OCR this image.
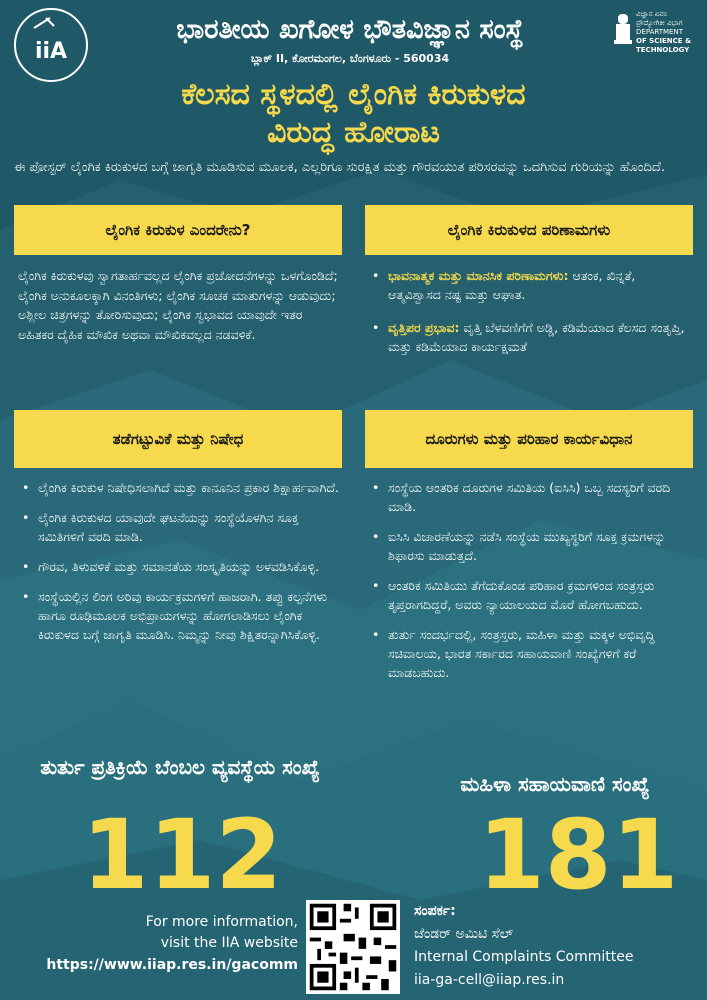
iiA
ಭಾರತೀಯ ಖಗೋಳ ಭೌತವಿಜ್ಞಾನ ಸಂಸ್ಥೆ
ಬ್ಲಾಕ್ II, ಕೋರಮಂಗಲ, ಬೆಂಗಳೂರು - 560034
ವಿಜ್ಞಾನ ಏವಂ
ಪ್ರೌದ್ಯೋಗಿಕೀ ವಿಭಾಗ
DEPARTMENT
OF SCIENCE &
TECHNOLOGY
ಕೆಲಸದ ಸ್ಥಳದಲ್ಲಿ ಲೈಂಗಿಕ ಕಿರುಕುಳದ
ವಿರುದ್ಧ ಹೋರಾಟ
ಈ ಪೋಸ್ಟರ್ ಲೈಂಗಿಕ ಕಿರುಕುಳದ ಬಗ್ಗೆ ಜಾಗೃತಿ ಮೂಡಿಸುವ ಮೂಲಕ, ಎಲ್ಲರಿಗೂ ಸುರಕ್ಷಿತ ಮತ್ತು ಗೌರವಯುತ ಪರಿಸರವನ್ನು ಒದಗಿಸುವ ಗುರಿಯನ್ನು ಹೊಂದಿದೆ.
ಲೈಂಗಿಕ ಕಿರುಕುಳ ಎಂದರೇನು?
ಲೈಂಗಿಕ ಕಿರುಕುಳವು ಸ್ವಾಗತಾರ್ಹವಲ್ಲದ ಲೈಂಗಿಕ ಪ್ರಚೋದನೆಗಳನ್ನು ಒಳಗೊಂಡಿದೆ; ಲೈಂಗಿಕ ಅನುಕೂಲಕ್ಕಾಗಿ ವಿನಂತಿಗಳು; ಲೈಂಗಿಕ ಸೂಚಕ ಮಾತುಗಳನ್ನು ಆಡುವುದು; ಅಶ್ಲೀಲ ಚಿತ್ರಗಳನ್ನು ತೋರಿಸುವುದು; ಲೈಂಗಿಕ ಸ್ವಭಾವದ ಯಾವುದೇ ಇತರ ಅಹಿತಕರ ದೈಹಿಕ ಮೌಖಿಕ ಅಥವಾ ಮೌಖಿಕವಲ್ಲದ ನಡವಳಿಕೆ.
ಲೈಂಗಿಕ ಕಿರುಕುಳದ ಪರಿಣಾಮಗಳು
• ಭಾವನಾತ್ಮಕ ಮತ್ತು ಮಾನಸಿಕ ಪರಿಣಾಮಗಳು: ಆತಂಕ, ಖಿನ್ನತೆ, ಆತ್ಮವಿಶ್ವಾಸದ ನಷ್ಟ ಮತ್ತು ಆಘಾತ.
• ವೃತ್ತಿಪರ ಪ್ರಭಾವ: ವೃತ್ತಿ ಬೆಳವಣಿಗೆಗೆ ಅಡ್ಡಿ, ಕಡಿಮೆಯಾದ ಕೆಲಸದ ಸಂತೃಪ್ತಿ, ಮತ್ತು ಕಡಿಮೆಯಾದ ಕಾರ್ಯಕ್ಷಮತೆ
ತಡೆಗಟ್ಟುವಿಕೆ ಮತ್ತು ನಿಷೇಧ
• ಲೈಂಗಿಕ ಕಿರುಕುಳ ನಿಷೇಧಿಸಲಾಗಿದೆ ಮತ್ತು ಕಾನೂನಿನ ಪ್ರಕಾರ ಶಿಕ್ಷಾರ್ಹವಾಗಿದೆ.
• ಲೈಂಗಿಕ ಕಿರುಕುಳದ ಯಾವುದೇ ಘಟನೆಯನ್ನು ಸಂಸ್ಥೆಯೊಳಗಿನ ಸೂಕ್ತ ಸಮಿತಿಗಳಿಗೆ ವರದಿ ಮಾಡಿ.
• ಗೌರವ, ತಿಳುವಳಿಕೆ ಮತ್ತು ಸಮಾನತೆಯ ಸಂಸ್ಕೃತಿಯನ್ನು ಅಳವಡಿಸಿಕೊಳ್ಳಿ.
• ಸಂಸ್ಥೆಯಲ್ಲಿನ ಲಿಂಗ ಅರಿವು ಕಾರ್ಯಕ್ರಮಗಳಿಗೆ ಹಾಜರಾಗಿ. ತಪ್ಪು ಕಲ್ಪನೆಗಳು ಹಾಗೂ ರೂಢಿಮೂಲಕ ಅಭಿಪ್ರಾಯಗಳನ್ನು ಹೋಗಲಾಡಿಸಲು ಲೈಂಗಿಕ ಕಿರುಕುಳದ ಬಗ್ಗೆ ಜಾಗೃತಿ ಮೂಡಿಸಿ. ನಿಮ್ಮನ್ನು ನೀವು ಶಿಕ್ಷಿತರನ್ನಾಗಿಸಿಕೊಳ್ಳಿ.
ದೂರುಗಳು ಮತ್ತು ಪರಿಹಾರ ಕಾರ್ಯವಿಧಾನ
• ಸಂಸ್ಥೆಯ ಆಂತರಿಕ ದೂರುಗಳ ಸಮಿತಿಯ (ಐಸಿಸಿ) ಒಬ್ಬ ಸದಸ್ಯರಿಗೆ ವರದಿ ಮಾಡಿ.
• ಐಸಿಸಿ ವಿಚಾರಣೆಯನ್ನು ನಡೆಸಿ ಸಂಸ್ಥೆಯ ಮುಖ್ಯಸ್ಥರಿಗೆ ಸೂಕ್ತ ಕ್ರಮಗಳನ್ನು ಶಿಫಾರಸು ಮಾಡುತ್ತದೆ.
• ಆಂತರಿಕ ಸಮಿತಿಯು ತೆಗೆದುಕೊಂಡ ಪರಿಹಾರ ಕ್ರಮಗಳಿಂದ ಸಂತ್ರಸ್ತರು ತೃಪ್ತರಾಗದಿದ್ದರೆ, ಅವರು ನ್ಯಾಯಾಲಯದ ಮೊರೆ ಹೋಗಬಹುದು.
• ತುರ್ತು ಸಂದರ್ಭದಲ್ಲಿ, ಸಂತ್ರಸ್ತರು, ಮಹಿಳಾ ಮತ್ತು ಮಕ್ಕಳ ಅಭಿವೃದ್ಧಿ ಸಚಿವಾಲಯ, ಭಾರತ ಸರ್ಕಾರದ ಸಹಾಯವಾಣಿ ಸಂಖ್ಯೆಗಳಿಗೆ ಕರೆ ಮಾಡಬಹುದು.
ತುರ್ತು ಪ್ರತಿಕ್ರಿಯೆ ಬೆಂಬಲ ವ್ಯವಸ್ಥೆಯ ಸಂಖ್ಯೆ
112
ಮಹಿಳಾ ಸಹಾಯವಾಣಿ ಸಂಖ್ಯೆ
181
For more information,
visit the IIA website
https://www.iiap.res.in/gacomm
ಸಂಪರ್ಕ:
ಜೆಂಡರ್ ಅಮಿಟಿ ಸೆಲ್
Internal Complaints Committee
iia-ga-cell@iiap.res.in
